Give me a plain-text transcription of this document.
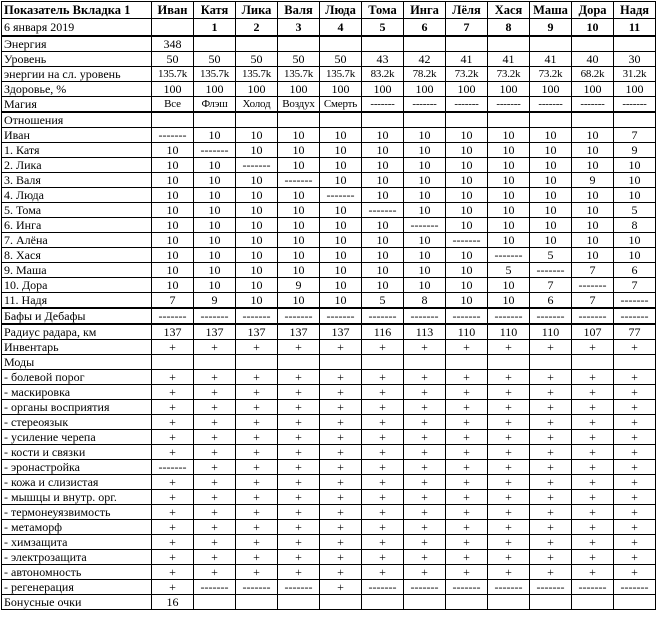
Показатель Вкладка 1	Иван	Катя	Лика	Валя	Люда	Тома	Инга	Лёля	Хася	Маша	Дора	Надя
6 января 2019		1	2	3	4	5	6	7	8	9	10	11
Энергия	348											
Уровень	50	50	50	50	50	43	42	41	41	41	40	30
энергии на сл. уровень	135.7k	135.7k	135.7k	135.7k	135.7k	83.2k	78.2k	73.2k	73.2k	73.2k	68.2k	31.2k
Здоровье, %	100	100	100	100	100	100	100	100	100	100	100	100
Магия	Все	Флэш	Холод	Воздух	Смерть	-------	-------	-------	-------	-------	-------	-------
Отношения												
Иван	-------	10	10	10	10	10	10	10	10	10	10	7
1. Катя	10	-------	10	10	10	10	10	10	10	10	10	9
2. Лика	10	10	-------	10	10	10	10	10	10	10	10	10
3. Валя	10	10	10	-------	10	10	10	10	10	10	9	10
4. Люда	10	10	10	10	-------	10	10	10	10	10	10	10
5. Тома	10	10	10	10	10	-------	10	10	10	10	10	5
6. Инга	10	10	10	10	10	10	-------	10	10	10	10	8
7. Алёна	10	10	10	10	10	10	10	-------	10	10	10	10
8. Хася	10	10	10	10	10	10	10	10	-------	5	10	10
9. Маша	10	10	10	10	10	10	10	10	5	-------	7	6
10. Дора	10	10	10	9	10	10	10	10	10	7	-------	7
11. Надя	7	9	10	10	10	5	8	10	10	6	7	-------
Бафы и Дебафы	-------	-------	-------	-------	-------	-------	-------	-------	-------	-------	-------	-------
Радиус радара, км	137	137	137	137	137	116	113	110	110	110	107	77
Инвентарь	+	+	+	+	+	+	+	+	+	+	+	+
Моды												
- болевой порог	+	+	+	+	+	+	+	+	+	+	+	+
- маскировка	+	+	+	+	+	+	+	+	+	+	+	+
- органы восприятия	+	+	+	+	+	+	+	+	+	+	+	+
- стереоязык	+	+	+	+	+	+	+	+	+	+	+	+
- усиление черепа	+	+	+	+	+	+	+	+	+	+	+	+
- кости и связки	+	+	+	+	+	+	+	+	+	+	+	+
- эронастройка	-------	+	+	+	+	+	+	+	+	+	+	+
- кожа и слизистая	+	+	+	+	+	+	+	+	+	+	+	+
- мышцы и внутр. орг.	+	+	+	+	+	+	+	+	+	+	+	+
- термонеуязвимость	+	+	+	+	+	+	+	+	+	+	+	+
- метаморф	+	+	+	+	+	+	+	+	+	+	+	+
- химзащита	+	+	+	+	+	+	+	+	+	+	+	+
- электрозащита	+	+	+	+	+	+	+	+	+	+	+	+
- автономность	+	+	+	+	+	+	+	+	+	+	+	+
- регенерация	+	-------	-------	-------	+	-------	-------	-------	-------	-------	-------	-------
Бонусные очки	16											
